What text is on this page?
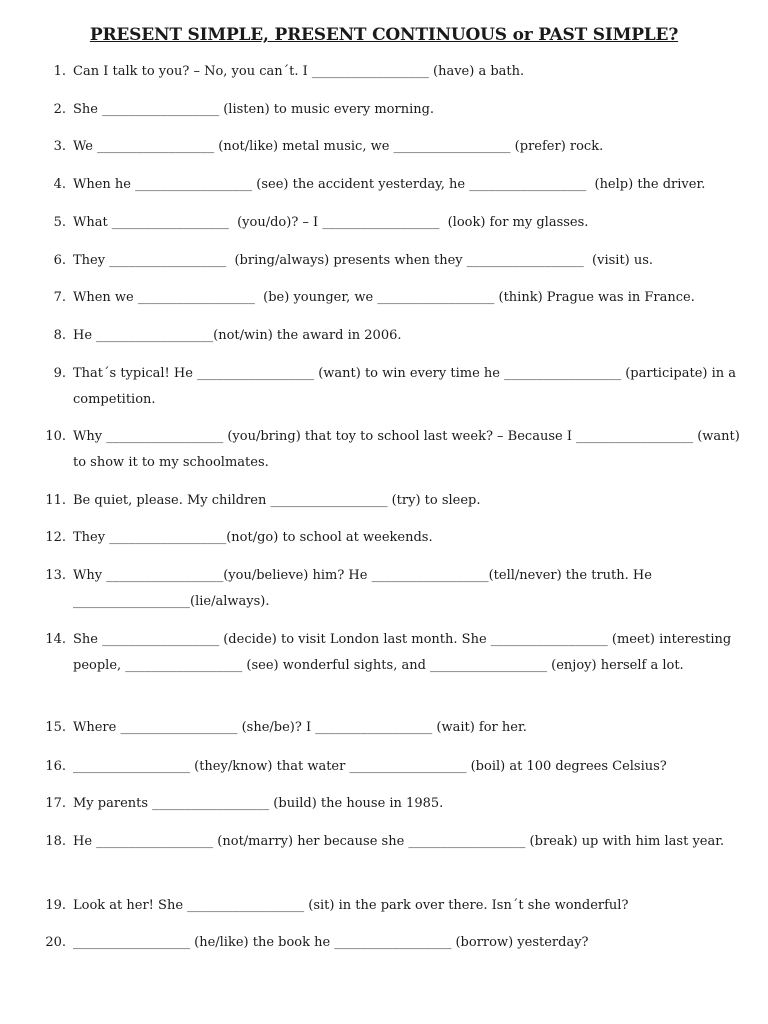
PRESENT SIMPLE, PRESENT CONTINUOUS or PAST SIMPLE?
1. Can I talk to you? – No, you can´t. I __________________ (have) a bath.
2. She __________________ (listen) to music every morning.
3. We __________________ (not/like) metal music, we __________________ (prefer) rock.
4. When he __________________ (see) the accident yesterday, he __________________  (help) the driver.
5. What __________________  (you/do)? – I __________________  (look) for my glasses.
6. They __________________  (bring/always) presents when they __________________  (visit) us.
7. When we __________________  (be) younger, we __________________ (think) Prague was in France.
8. He __________________(not/win) the award in 2006.
9. That´s typical! He __________________ (want) to win every time he __________________ (participate) in a competition.
10. Why __________________ (you/bring) that toy to school last week? – Because I __________________ (want) to show it to my schoolmates.
11. Be quiet, please. My children __________________ (try) to sleep.
12. They __________________(not/go) to school at weekends.
13. Why __________________(you/believe) him? He __________________(tell/never) the truth. He __________________(lie/always).
14. She __________________ (decide) to visit London last month. She __________________ (meet) interesting people, __________________ (see) wonderful sights, and __________________ (enjoy) herself a lot.
15. Where __________________ (she/be)? I __________________ (wait) for her.
16. __________________ (they/know) that water __________________ (boil) at 100 degrees Celsius?
17. My parents __________________ (build) the house in 1985.
18. He __________________ (not/marry) her because she __________________ (break) up with him last year.
19. Look at her! She __________________ (sit) in the park over there. Isn´t she wonderful?
20. __________________ (he/like) the book he __________________ (borrow) yesterday?
